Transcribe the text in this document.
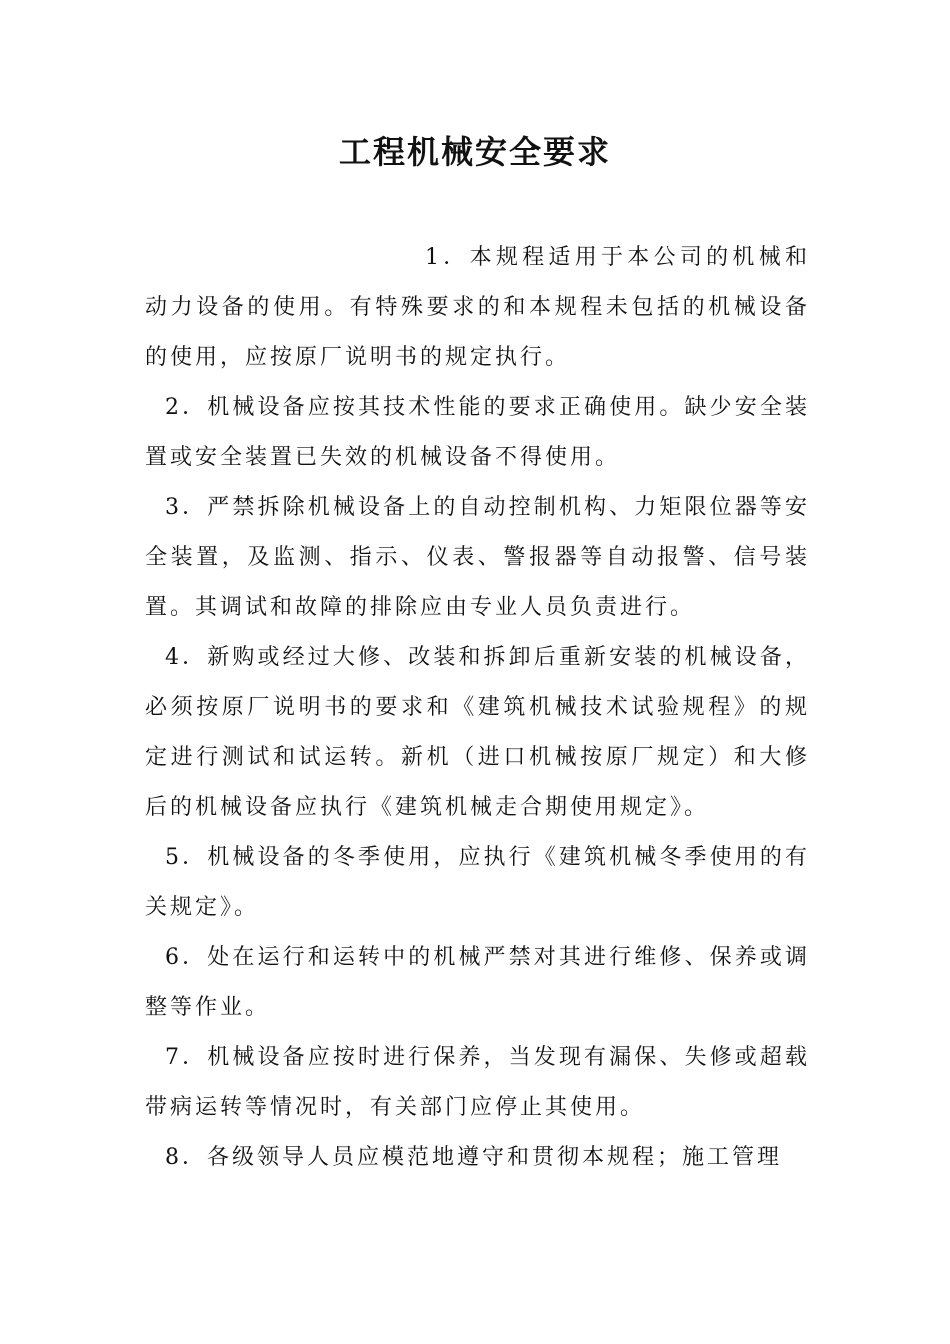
工程机械安全要求

1．本规程适用于本公司的机械和动力设备的使用。有特殊要求的和本规程未包括的机械设备的使用，应按原厂说明书的规定执行。

2．机械设备应按其技术性能的要求正确使用。缺少安全装置或安全装置已失效的机械设备不得使用。

3．严禁拆除机械设备上的自动控制机构、力矩限位器等安全装置，及监测、指示、仪表、警报器等自动报警、信号装置。其调试和故障的排除应由专业人员负责进行。

4．新购或经过大修、改装和拆卸后重新安装的机械设备，必须按原厂说明书的要求和《建筑机械技术试验规程》的规定进行测试和试运转。新机（进口机械按原厂规定）和大修后的机械设备应执行《建筑机械走合期使用规定》。

5．机械设备的冬季使用，应执行《建筑机械冬季使用的有关规定》。

6．处在运行和运转中的机械严禁对其进行维修、保养或调整等作业。

7．机械设备应按时进行保养，当发现有漏保、失修或超载带病运转等情况时，有关部门应停止其使用。

8．各级领导人员应模范地遵守和贯彻本规程；施工管理
